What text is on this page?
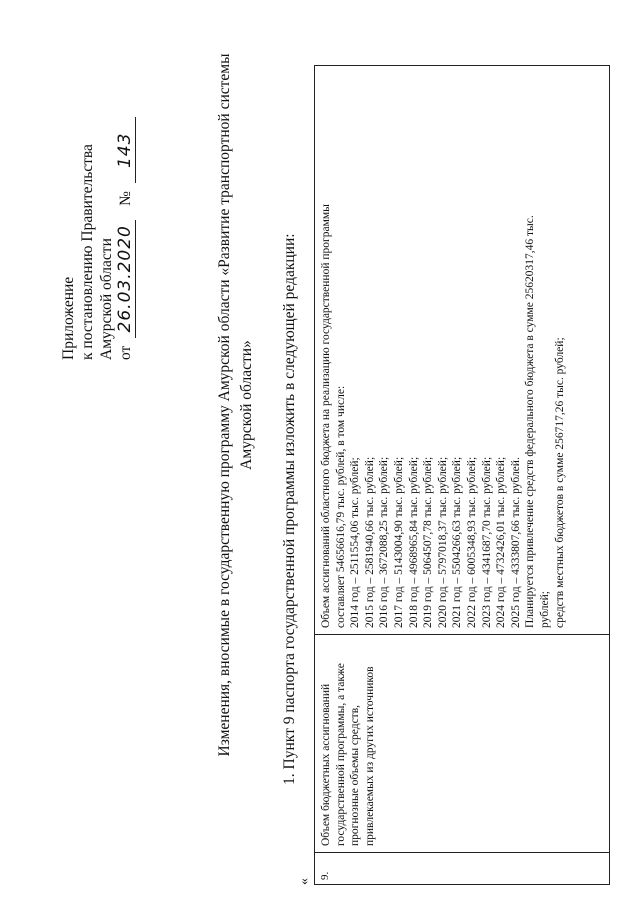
Приложение к постановлению Правительства Амурской области от 26.03.2020 № 143	Изменения, вносимые в государственную программу Амурской области «Развитие транспортной системы Амурской области» 1. Пункт 9 паспорта государственной программы изложить в следующей редакции:
«
9.
Объем бюджетных ассигнований государственной программы, а также прогнозные объемы средств, привлекаемых из других источников
Объем ассигнований областного бюджета на реализацию государственной программы составляет 54656616,79 тыс. рублей, в том числе: 2014 год – 2511554,06 тыс. рублей; 2015 год – 2581940,66 тыс. рублей; 2016 год – 3672088,25 тыс. рублей; 2017 год – 5143004,90 тыс. рублей; 2018 год – 4968965,84 тыс. рублей; 2019 год – 5064507,78 тыс. рублей; 2020 год – 5797018,37 тыс. рублей; 2021 год – 5504266,63 тыс. рублей; 2022 год – 6005348,93 тыс. рублей; 2023 год – 4341687,70 тыс. рублей; 2024 год – 4732426,01 тыс. рублей; 2025 год – 4333807,66 тыс. рублей. Планируется привлечение средств федерального бюджета в сумме 25620317,46 тыс. рублей; средств местных бюджетов в сумме 256717,26 тыс. рублей;
